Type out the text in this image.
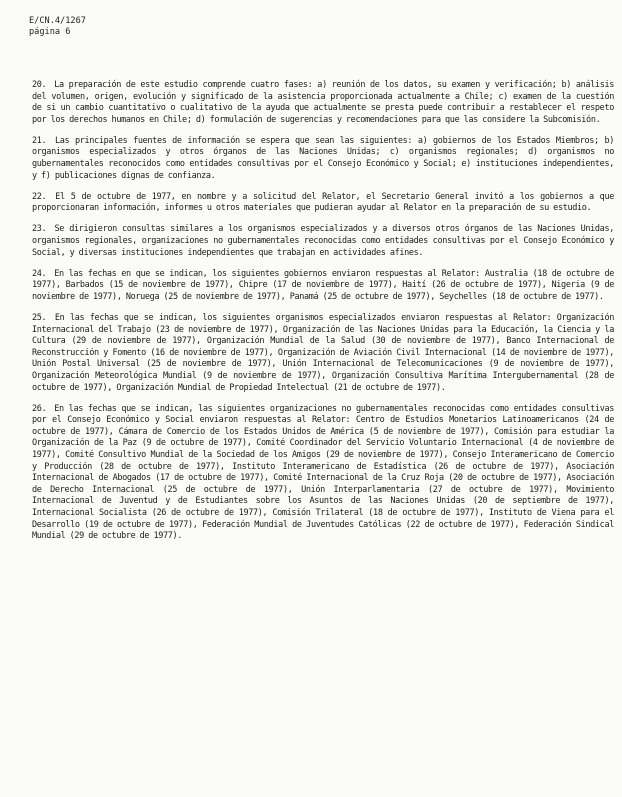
E/CN.4/1267
página 6

20. La preparación de este estudio comprende cuatro fases: a) reunión de los datos, su examen y verificación; b) análisis del volumen, origen, evolución y significado de la asistencia proporcionada actualmente a Chile; c) examen de la cuestión de si un cambio cuantitativo o cualitativo de la ayuda que actualmente se presta puede contribuir a restablecer el respeto por los derechos humanos en Chile; d) formulación de sugerencias y recomendaciones para que las considere la Subcomisión.

21. Las principales fuentes de información se espera que sean las siguientes: a) gobiernos de los Estados Miembros; b) organismos especializados y otros órganos de las Naciones Unidas; c) organismos regionales; d) organismos no gubernamentales reconocidos como entidades consultivas por el Consejo Económico y Social; e) instituciones independientes, y f) publicaciones dignas de confianza.

22. El 5 de octubre de 1977, en nombre y a solicitud del Relator, el Secretario General invitó a los gobiernos a que proporcionaran información, informes u otros materiales que pudieran ayudar al Relator en la preparación de su estudio.

23. Se dirigieron consultas similares a los organismos especializados y a diversos otros órganos de las Naciones Unidas, organismos regionales, organizaciones no gubernamentales reconocidas como entidades consultivas por el Consejo Económico y Social, y diversas instituciones independientes que trabajan en actividades afines.

24. En las fechas en que se indican, los siguientes gobiernos enviaron respuestas al Relator: Australia (18 de octubre de 1977), Barbados (15 de noviembre de 1977), Chipre (17 de noviembre de 1977), Haití (26 de octubre de 1977), Nigeria (9 de noviembre de 1977), Noruega (25 de noviembre de 1977), Panamá (25 de octubre de 1977), Seychelles (18 de octubre de 1977).

25. En las fechas que se indican, los siguientes organismos especializados enviaron respuestas al Relator: Organización Internacional del Trabajo (23 de noviembre de 1977), Organización de las Naciones Unidas para la Educación, la Ciencia y la Cultura (29 de noviembre de 1977), Organización Mundial de la Salud (30 de noviembre de 1977), Banco Internacional de Reconstrucción y Fomento (16 de noviembre de 1977), Organización de Aviación Civil Internacional (14 de noviembre de 1977), Unión Postal Universal (25 de noviembre de 1977), Unión Internacional de Telecomunicaciones (9 de noviembre de 1977), Organización Meteorológica Mundial (9 de noviembre de 1977), Organización Consultiva Marítima Intergubernamental (28 de octubre de 1977), Organización Mundial de Propiedad Intelectual (21 de octubre de 1977).

26. En las fechas que se indican, las siguientes organizaciones no gubernamentales reconocidas como entidades consultivas por el Consejo Económico y Social enviaron respuestas al Relator: Centro de Estudios Monetarios Latinoamericanos (24 de octubre de 1977), Cámara de Comercio de los Estados Unidos de América (5 de noviembre de 1977), Comisión para estudiar la Organización de la Paz (9 de octubre de 1977), Comité Coordinador del Servicio Voluntario Internacional (4 de noviembre de 1977), Comité Consultivo Mundial de la Sociedad de los Amigos (29 de noviembre de 1977), Consejo Interamericano de Comercio y Producción (28 de octubre de 1977), Instituto Interamericano de Estadística (26 de octubre de 1977), Asociación Internacional de Abogados (17 de octubre de 1977), Comité Internacional de la Cruz Roja (20 de octubre de 1977), Asociación de Derecho Internacional (25 de octubre de 1977), Unión Interparlamentaria (27 de octubre de 1977), Movimiento Internacional de Juventud y de Estudiantes sobre los Asuntos de las Naciones Unidas (20 de septiembre de 1977), Internacional Socialista (26 de octubre de 1977), Comisión Trilateral (18 de octubre de 1977), Instituto de Viena para el Desarrollo (19 de octubre de 1977), Federación Mundial de Juventudes Católicas (22 de octubre de 1977), Federación Sindical Mundial (29 de octubre de 1977).
